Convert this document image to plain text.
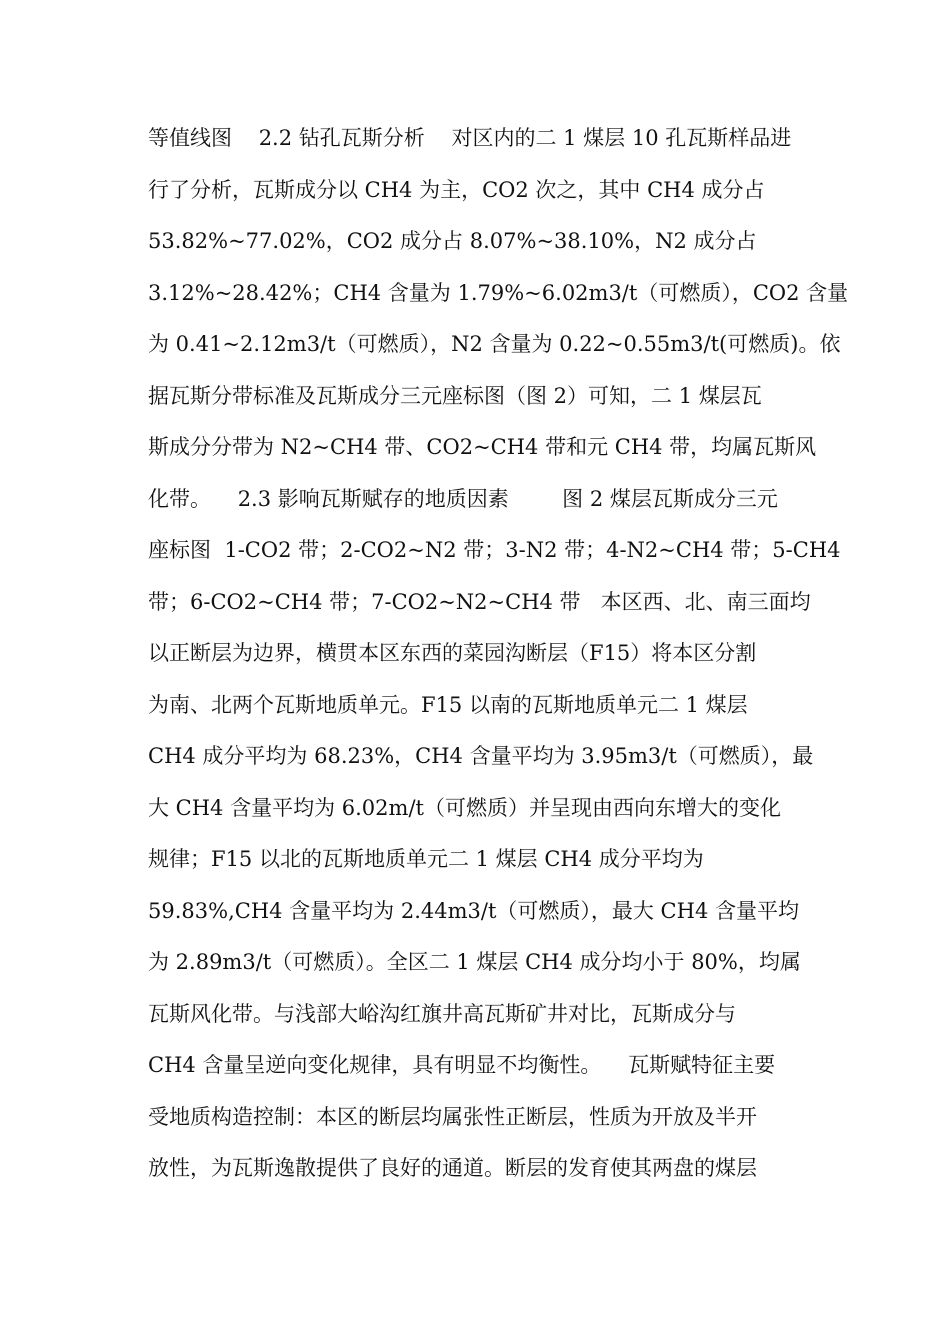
等值线图    2.2 钻孔瓦斯分析    对区内的二 1 煤层 10 孔瓦斯样品进
行了分析，瓦斯成分以 CH4 为主，CO2 次之，其中 CH4 成分占
53.82%~77.02%，CO2 成分占 8.07%~38.10%，N2 成分占
3.12%~28.42%；CH4 含量为 1.79%~6.02m3/t（可燃质），CO2 含量
为 0.41~2.12m3/t（可燃质），N2 含量为 0.22~0.55m3/t(可燃质)。依
据瓦斯分带标准及瓦斯成分三元座标图（图 2）可知，二 1 煤层瓦
斯成分分带为 N2~CH4 带、CO2~CH4 带和元 CH4 带，均属瓦斯风
化带。    2.3 影响瓦斯赋存的地质因素        图 2 煤层瓦斯成分三元
座标图  1-CO2 带；2-CO2~N2 带；3-N2 带；4-N2~CH4 带；5-CH4
带；6-CO2~CH4 带；7-CO2~N2~CH4 带   本区西、北、南三面均
以正断层为边界，横贯本区东西的菜园沟断层（F15）将本区分割
为南、北两个瓦斯地质单元。F15 以南的瓦斯地质单元二 1 煤层
CH4 成分平均为 68.23%，CH4 含量平均为 3.95m3/t（可燃质），最
大 CH4 含量平均为 6.02m/t（可燃质）并呈现由西向东增大的变化
规律；F15 以北的瓦斯地质单元二 1 煤层 CH4 成分平均为
59.83%,CH4 含量平均为 2.44m3/t（可燃质），最大 CH4 含量平均
为 2.89m3/t（可燃质）。全区二 1 煤层 CH4 成分均小于 80%，均属
瓦斯风化带。与浅部大峪沟红旗井高瓦斯矿井对比，瓦斯成分与
CH4 含量呈逆向变化规律，具有明显不均衡性。    瓦斯赋特征主要
受地质构造控制：本区的断层均属张性正断层，性质为开放及半开
放性，为瓦斯逸散提供了良好的通道。断层的发育使其两盘的煤层
